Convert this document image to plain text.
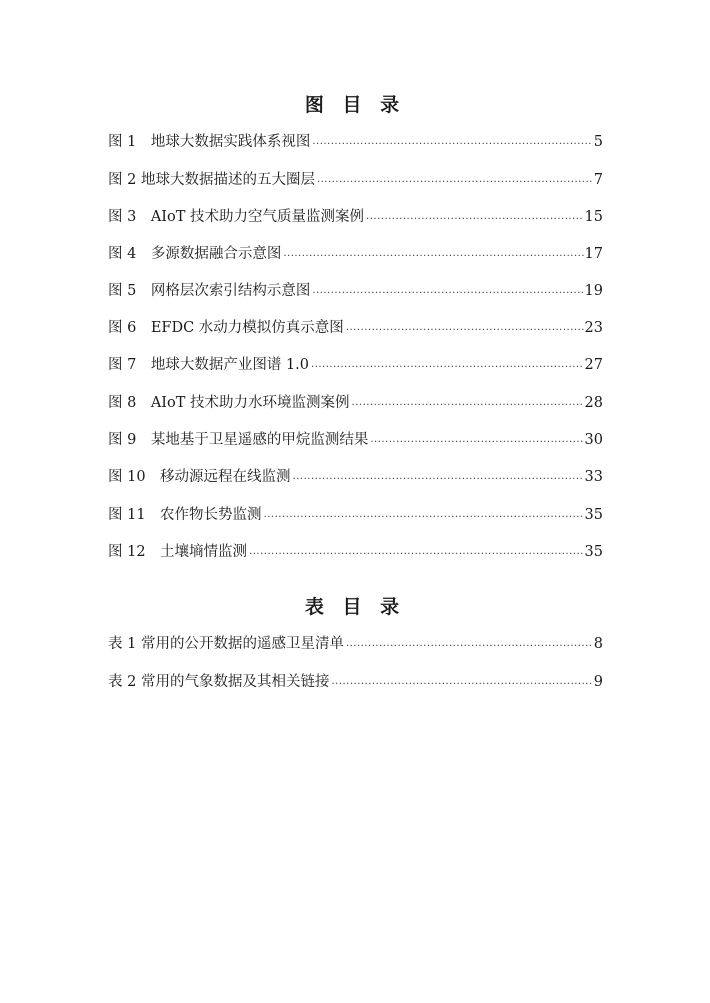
图 目 录
图 1　地球大数据实践体系视图 .....	5
图 2 地球大数据描述的五大圈层 .....	7
图 3　AIoT 技术助力空气质量监测案例 .....	15
图 4　多源数据融合示意图 .....	17
图 5　网格层次索引结构示意图 .....	19
图 6　EFDC 水动力模拟仿真示意图 .....	23
图 7　地球大数据产业图谱 1.0 .....	27
图 8　AIoT 技术助力水环境监测案例 .....	28
图 9　某地基于卫星遥感的甲烷监测结果 .....	30
图 10　移动源远程在线监测 .....	33
图 11　农作物长势监测 .....	35
图 12　土壤墒情监测 .....	35
表 目 录
表 1 常用的公开数据的遥感卫星清单 .....	8
表 2 常用的气象数据及其相关链接 .....	9
